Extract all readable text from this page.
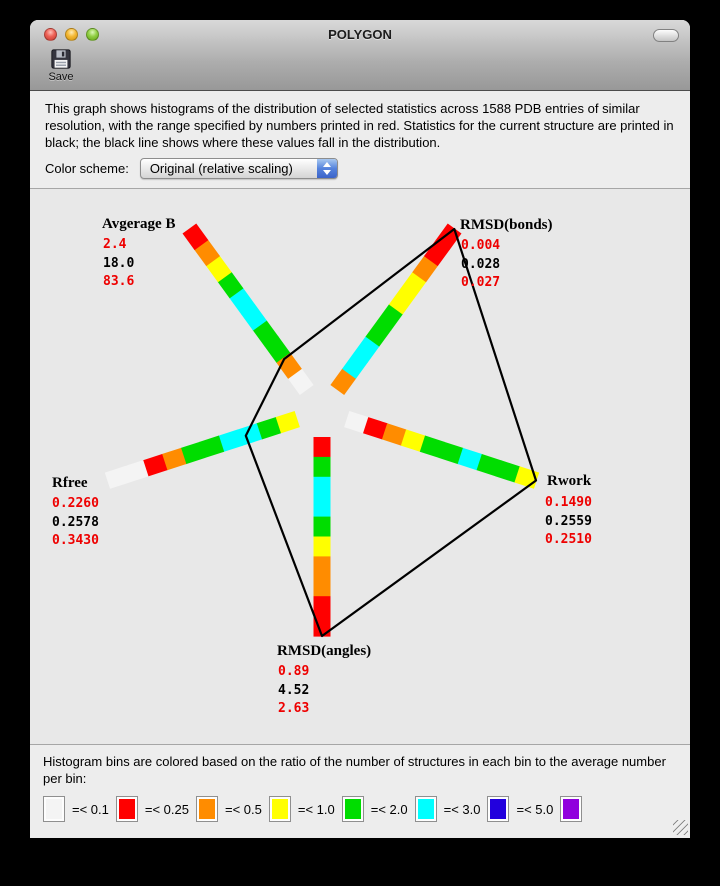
POLYGON
Save

This graph shows histograms of the distribution of selected statistics across 1588 PDB entries of similar resolution, with the range specified by numbers printed in red. Statistics for the current structure are printed in black; the black line shows where these values fall in the distribution.

Color scheme:	Original (relative scaling)
Avgerage B
2.4
18.0
83.6
RMSD(bonds)
0.004
0.028
0.027
Rwork
0.1490
0.2559
0.2510
RMSD(angles)
0.89
4.52
2.63
Rfree
0.2260
0.2578
0.3430

Histogram bins are colored based on the ratio of the number of structures in each bin to the average number per bin:

=< 0.1	=< 0.25	=< 0.5	=< 1.0	=< 2.0	=< 3.0	=< 5.0
